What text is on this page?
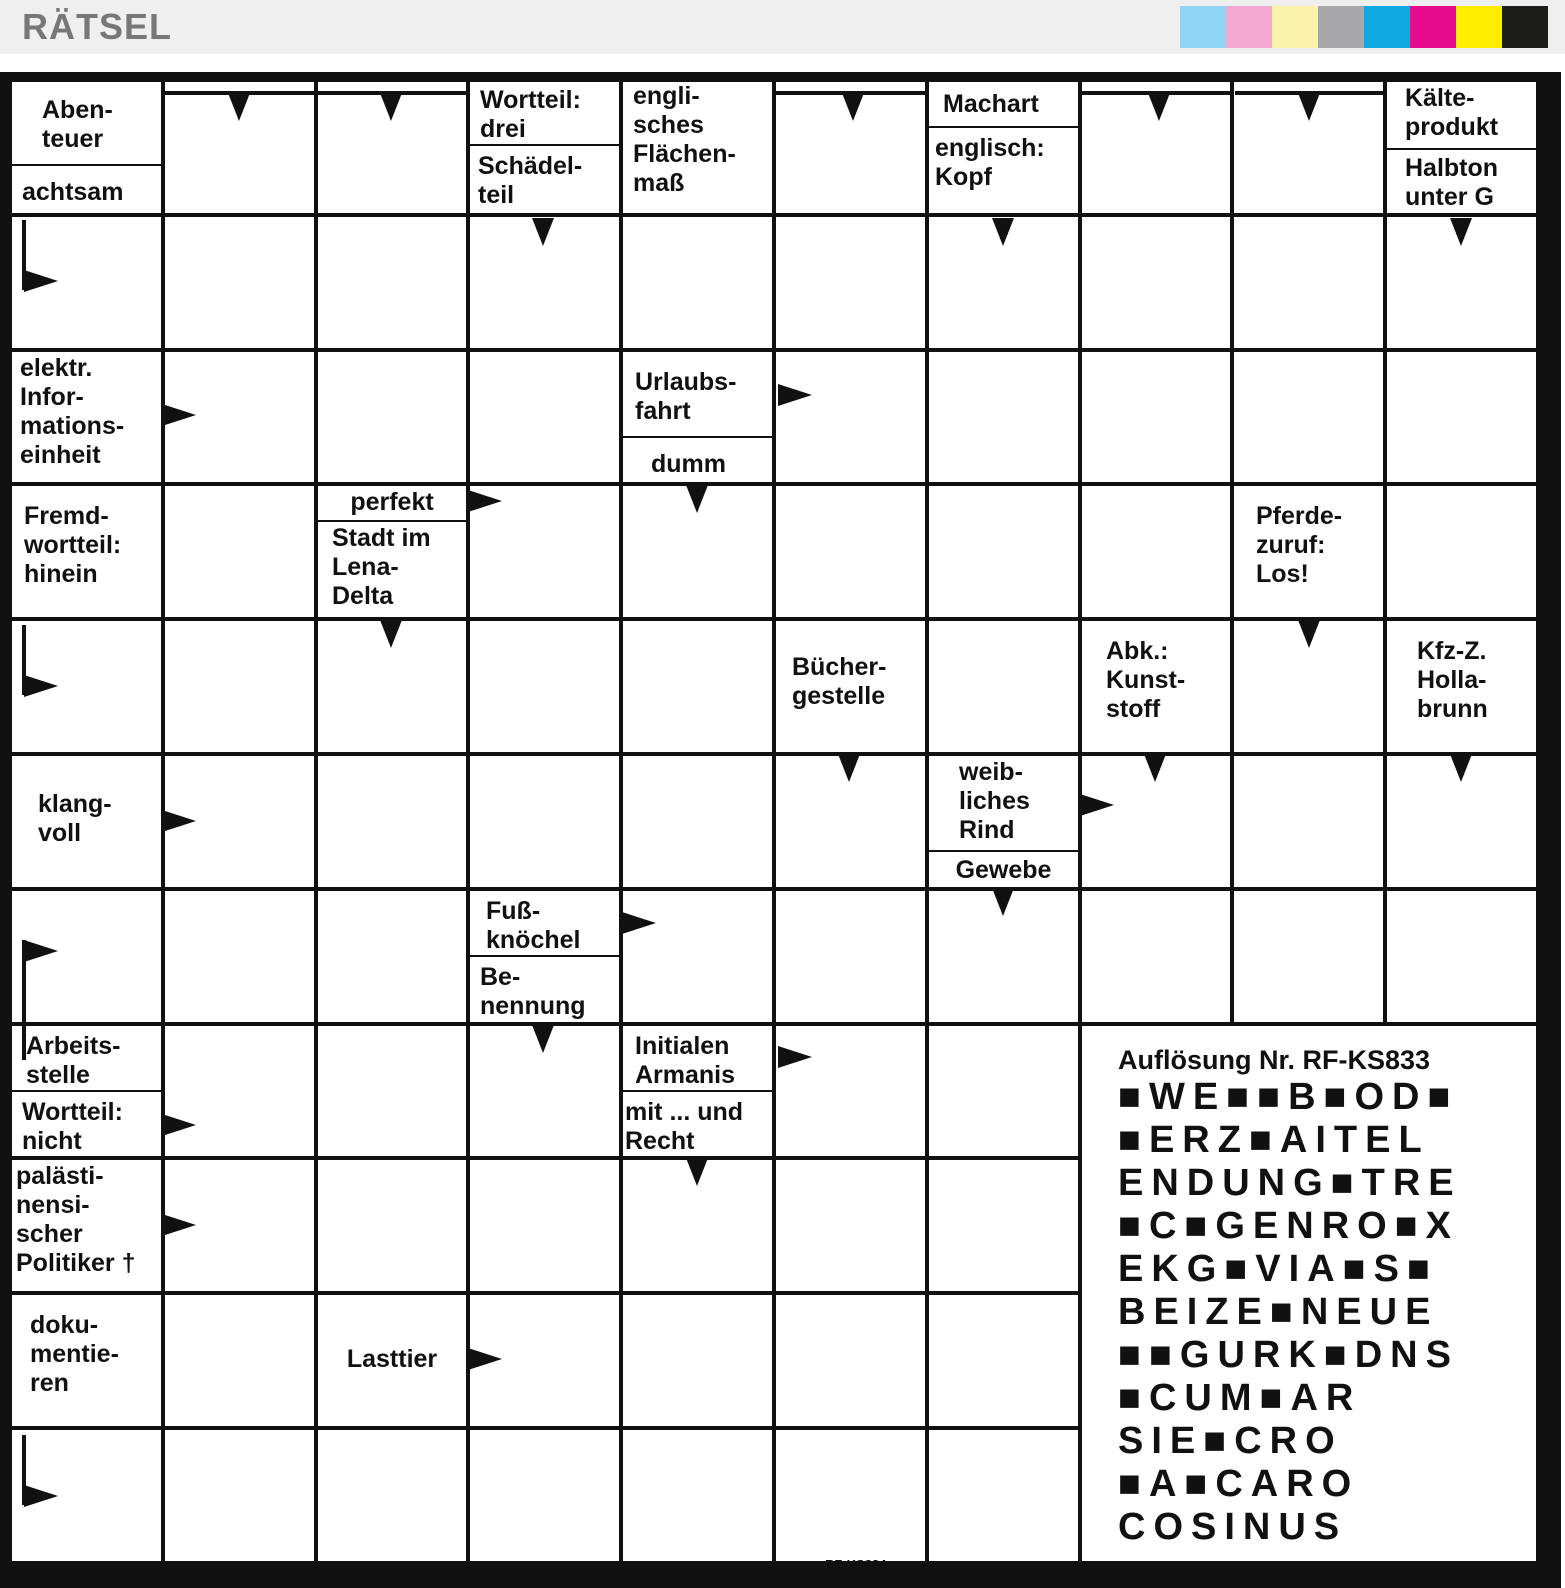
RÄTSEL
Aben-
teuer
achtsam
Wortteil:
drei
Schädel-
teil
engli-
sches
Flächen-
maß
Machart
englisch:
Kopf
Kälte-
produkt
Halbton
unter G
elektr.
Infor-
mations-
einheit
Urlaubs-
fahrt
dumm
Fremd-
wortteil:
hinein
perfekt
Stadt im
Lena-
Delta
Pferde-
zuruf:
Los!
Bücher-
gestelle
Abk.:
Kunst-
stoff
Kfz-Z.
Holla-
brunn
klang-
voll
weib-
liches
Rind
Gewebe
Fuß-
knöchel
Be-
nennung
Arbeits-
stelle
Wortteil:
nicht
Initialen
Armanis
mit ... und
Recht
palästi-
nensi-
scher
Politiker †
doku-
mentie-
ren
Lasttier
Auflösung Nr. RF-KS833
■WE■■B■OD■
■ERZ■AITEL
ENDUNG■TRE
■C■GENRO■X
EKG■VIA■S■
BEIZE■NEUE
■■GURK■DNS
■CUM■AR
SIE■CRO
■A■CARO
COSINUS
RF-KS834
